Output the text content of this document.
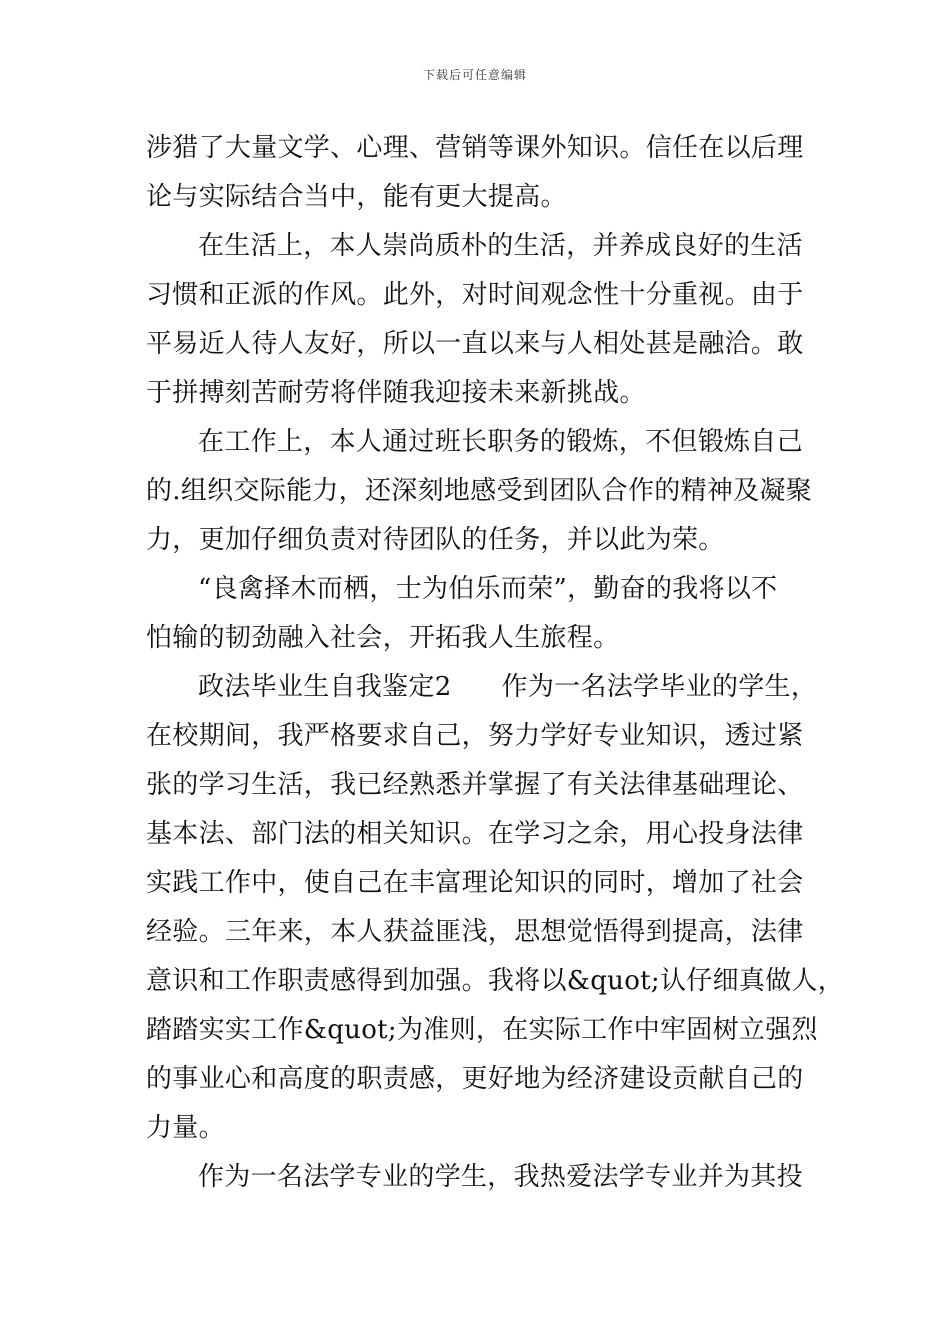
下载后可任意编辑
涉猎了大量文学、心理、营销等课外知识。信任在以后理
论与实际结合当中，能有更大提高。
在生活上，本人崇尚质朴的生活，并养成良好的生活
习惯和正派的作风。此外，对时间观念性十分重视。由于
平易近人待人友好，所以一直以来与人相处甚是融洽。敢
于拼搏刻苦耐劳将伴随我迎接未来新挑战。
在工作上，本人通过班长职务的锻炼，不但锻炼自己
的.组织交际能力，还深刻地感受到团队合作的精神及凝聚
力，更加仔细负责对待团队的任务，并以此为荣。
“良禽择木而栖，士为伯乐而荣”，勤奋的我将以不
怕输的韧劲融入社会，开拓我人生旅程。
政法毕业生自我鉴定2 作为一名法学毕业的学生，
在校期间，我严格要求自己，努力学好专业知识，透过紧
张的学习生活，我已经熟悉并掌握了有关法律基础理论、
基本法、部门法的相关知识。在学习之余，用心投身法律
实践工作中，使自己在丰富理论知识的同时，增加了社会
经验。三年来，本人获益匪浅，思想觉悟得到提高，法律
意识和工作职责感得到加强。我将以&quot;认仔细真做人，
踏踏实实工作&quot;为准则，在实际工作中牢固树立强烈
的事业心和高度的职责感，更好地为经济建设贡献自己的
力量。
作为一名法学专业的学生，我热爱法学专业并为其投
